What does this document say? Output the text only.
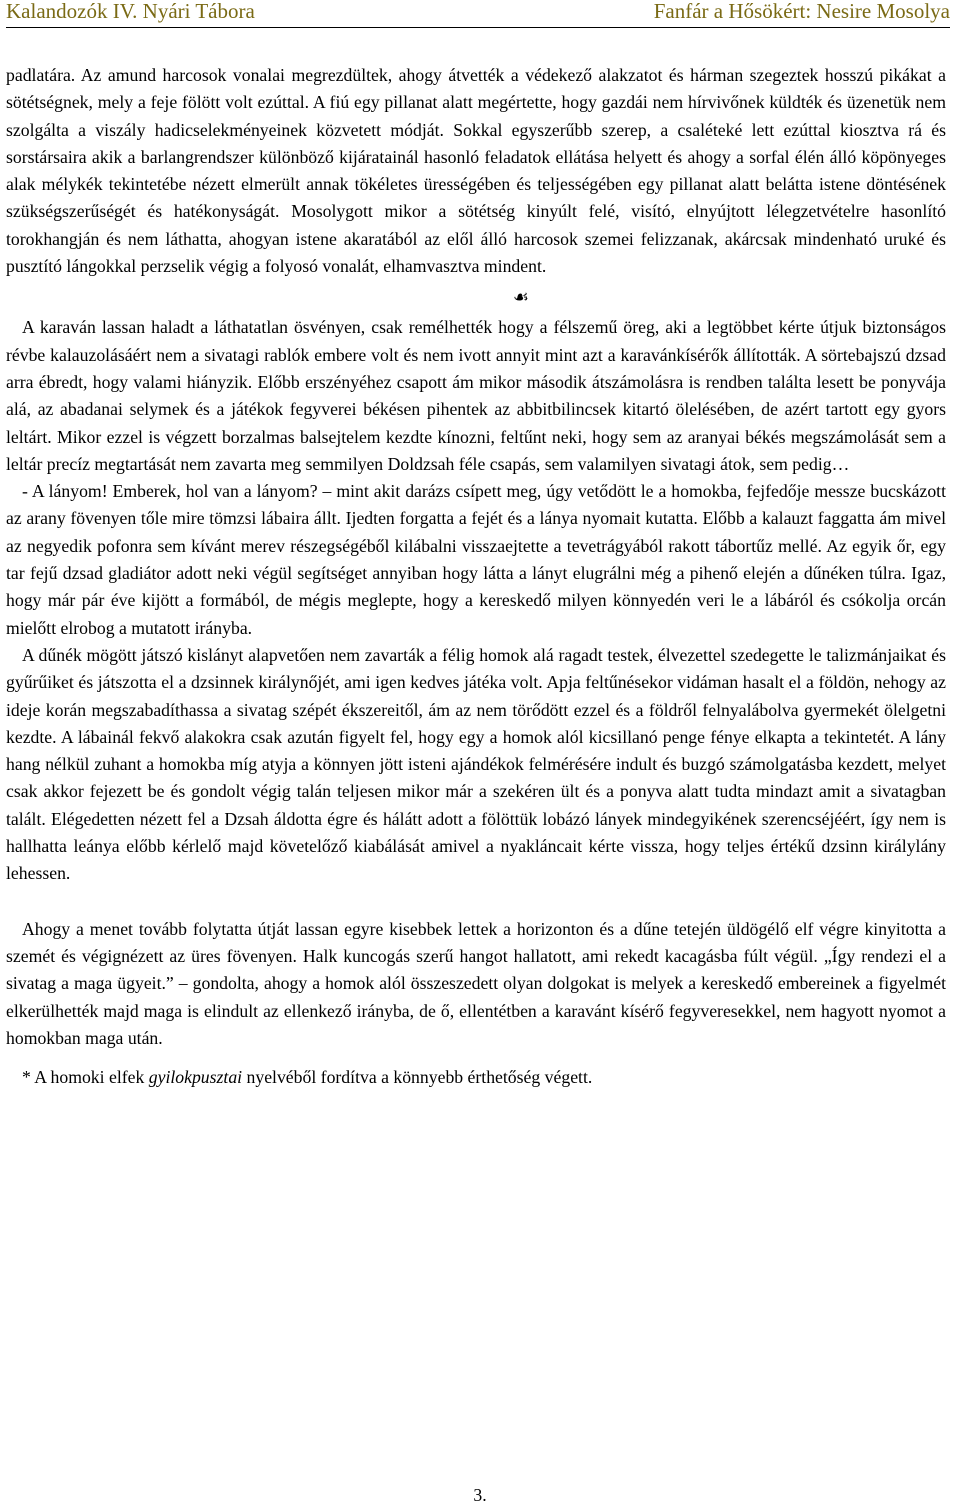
Kalandozók IV. Nyári Tábora	Fanfár a Hősökért: Nesire Mosolya

padlatára. Az amund harcosok vonalai megrezdültek, ahogy átvették a védekező alakzatot és hárman szegeztek hosszú pikákat a sötétségnek, mely a feje fölött volt ezúttal. A fiú egy pillanat alatt megértette, hogy gazdái nem hírvivőnek küldték és üzenetük nem szolgálta a viszály hadicselekményeinek közvetett módját. Sokkal egyszerűbb szerep, a csaléteké lett ezúttal kiosztva rá és sorstársaira akik a barlangrendszer különböző kijáratainál hasonló feladatok ellátása helyett és ahogy a sorfal élén álló köpönyeges alak mélykék tekintetébe nézett elmerült annak tökéletes ürességében és teljességében egy pillanat alatt belátta istene döntésének szükségszerűségét és hatékonyságát. Mosolygott mikor a sötétség kinyúlt felé, visító, elnyújtott lélegzetvételre hasonlító torokhangján és nem láthatta, ahogyan istene akaratából az elől álló harcosok szemei felizzanak, akárcsak mindenható uruké és pusztító lángokkal perzselik végig a folyosó vonalát, elhamvasztva mindent.

☙

A karaván lassan haladt a láthatatlan ösvényen, csak remélhették hogy a félszemű öreg, aki a legtöbbet kérte útjuk biztonságos révbe kalauzolásáért nem a sivatagi rablók embere volt és nem ivott annyit mint azt a karavánkísérők állították. A sörtebajszú dzsad arra ébredt, hogy valami hiányzik. Előbb erszényéhez csapott ám mikor második átszámolásra is rendben találta lesett be ponyvája alá, az abadanai selymek és a játékok fegyverei békésen pihentek az abbitbilincsek kitartó ölelésében, de azért tartott egy gyors leltárt. Mikor ezzel is végzett borzalmas balsejtelem kezdte kínozni, feltűnt neki, hogy sem az aranyai békés megszámolását sem a leltár precíz megtartását nem zavarta meg semmilyen Doldzsah féle csapás, sem valamilyen sivatagi átok, sem pedig…

- A lányom! Emberek, hol van a lányom? – mint akit darázs csípett meg, úgy vetődött le a homokba, fejfedője messze bucskázott az arany fövenyen tőle mire tömzsi lábaira állt. Ijedten forgatta a fejét és a lánya nyomait kutatta. Előbb a kalauzt faggatta ám mivel az negyedik pofonra sem kívánt merev részegségéből kilábalni visszaejtette a tevetrágyából rakott tábortűz mellé. Az egyik őr, egy tar fejű dzsad gladiátor adott neki végül segítséget annyiban hogy látta a lányt elugrálni még a pihenő elején a dűnéken túlra. Igaz, hogy már pár éve kijött a formából, de mégis meglepte, hogy a kereskedő milyen könnyedén veri le a lábáról és csókolja orcán mielőtt elrobog a mutatott irányba.

A dűnék mögött játszó kislányt alapvetően nem zavarták a félig homok alá ragadt testek, élvezettel szedegette le talizmánjaikat és gyűrűiket és játszotta el a dzsinnek királynőjét, ami igen kedves játéka volt. Apja feltűnésekor vidáman hasalt el a földön, nehogy az ideje korán megszabadíthassa a sivatag szépét ékszereitől, ám az nem törődött ezzel és a földről felnyalábolva gyermekét ölelgetni kezdte. A lábainál fekvő alakokra csak azután figyelt fel, hogy egy a homok alól kicsillanó penge fénye elkapta a tekintetét. A lány hang nélkül zuhant a homokba míg atyja a könnyen jött isteni ajándékok felmérésére indult és buzgó számolgatásba kezdett, melyet csak akkor fejezett be és gondolt végig talán teljesen mikor már a szekéren ült és a ponyva alatt tudta mindazt amit a sivatagban talált. Elégedetten nézett fel a Dzsah áldotta égre és hálátt adott a fölöttük lobázó lányek mindegyikének szerencséjéért, így nem is hallhatta leánya előbb kérlelő majd követelőző kiabálását amivel a nyakláncait kérte vissza, hogy teljes értékű dzsinn királylány lehessen.

Ahogy a menet tovább folytatta útját lassan egyre kisebbek lettek a horizonton és a dűne tetején üldögélő elf végre kinyitotta a szemét és végignézett az üres fövenyen. Halk kuncogás szerű hangot hallatott, ami rekedt kacagásba fúlt végül. „Így rendezi el a sivatag a maga ügyeit.” – gondolta, ahogy a homok alól összeszedett olyan dolgokat is melyek a kereskedő embereinek a figyelmét elkerülhették majd maga is elindult az ellenkező irányba, de ő, ellentétben a karavánt kísérő fegyveresekkel, nem hagyott nyomot a homokban maga után.

* A homoki elfek gyilokpusztai nyelvéből fordítva a könnyebb érthetőség végett.

3.
